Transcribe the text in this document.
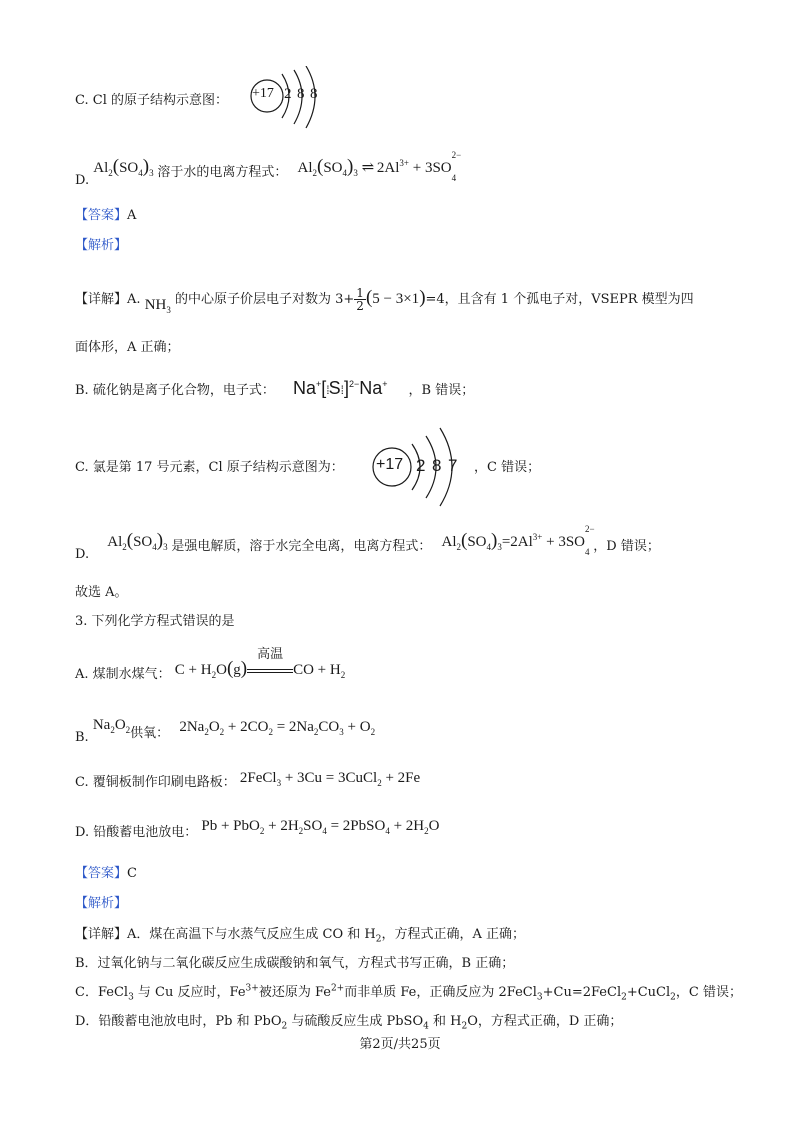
C. Cl 的原子结构示意图： +17 2 8 8
D. $Al_2(SO_4)_3$ 溶于水的电离方程式： $Al_2(SO_4)_3$ ⇌ $2Al^{3+} + 3SO$
2−
$_4$
【答案】A
【解析】
【详解】A. $NH_3$ 的中心原子价层电子对数为 $3+ \frac{1}{2} (5 - 3\times 1)=4$，且含有 1 个孤电子对，VSEPR 模型为四
面体形，A 正确；
B. 硫化钠是离子化合物，电子式： Na+[⁞S⁞]$^{2-}$Na+ ，B 错误；
C. 氯是第 17 号元素，Cl 原子结构示意图为： +17 2 8 7 ，C 错误；
D. $Al_2(SO_4)_3$ 是强电解质，溶于水完全电离，电离方程式： $Al_2(SO_4)_3=2Al^{3+} + 3SO$
2−
$_4$ ，D 错误；
故选 A。
3. 下列化学方程式错误的是
A. 煤制水煤气： $C + H_2O(g)$
高温
CO + $H_2$
B. $Na_2O_2$供氧： $2Na_2O_2 + 2CO_2 = 2Na_2CO_3 + O_2$
C. 覆铜板制作印刷电路板： 2FeCl$_3$ + 3Cu = 3CuCl$_2$ + 2Fe
D. 铅酸蓄电池放电： $Pb + PbO_2 + 2H_2SO_4$ = 2PbSO$_4$ + $2H_2O$
【答案】C
【解析】
【详解】A．煤在高温下与水蒸气反应生成 CO 和 $H_2$，方程式正确，A 正确；
B．过氧化钠与二氧化碳反应生成碳酸钠和氧气，方程式书写正确，B 正确；
C．FeCl$_3$ 与 Cu 反应时，$Fe^{3+}$被还原为 $Fe^{2+}$而非单质 Fe，正确反应为 2FeCl$_3$+Cu=2FeCl$_2$+CuCl$_2$，C 错误；
D．铅酸蓄电池放电时，Pb 和 PbO$_2$ 与硫酸反应生成 PbSO$_4$ 和 $H_2O$，方程式正确，D 正确；
第2页/共25页
